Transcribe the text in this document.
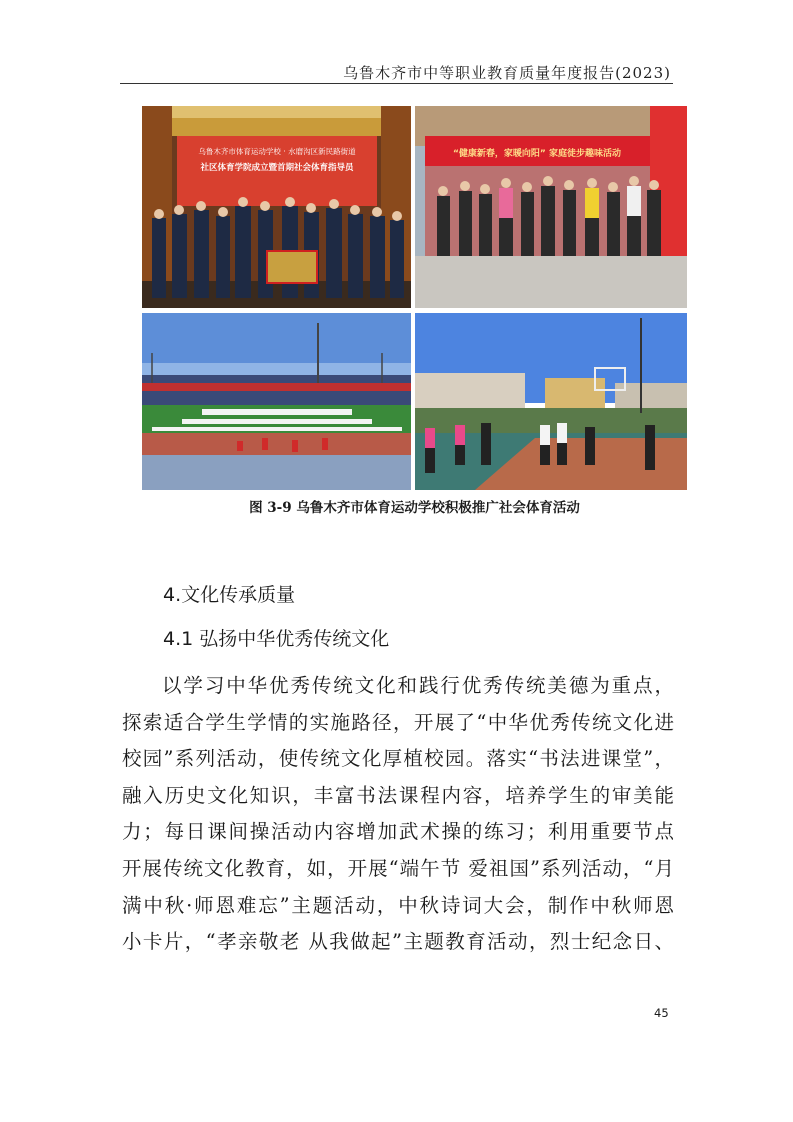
乌鲁木齐市中等职业教育质量年度报告(2023)
乌鲁木齐市体育运动学校 · 水磨沟区新民路街道
社区体育学院成立暨首期社会体育指导员
“健康新春，家暖向阳” 家庭徒步趣味活动
图 3-9 乌鲁木齐市体育运动学校积极推广社会体育活动
4.文化传承质量
4.1 弘扬中华优秀传统文化
以学习中华优秀传统文化和践行优秀传统美德为重点，
探索适合学生学情的实施路径，开展了“中华优秀传统文化进
校园”系列活动，使传统文化厚植校园。落实“书法进课堂”，
融入历史文化知识，丰富书法课程内容，培养学生的审美能
力；每日课间操活动内容增加武术操的练习；利用重要节点
开展传统文化教育，如，开展“端午节 爱祖国”系列活动，“月
满中秋·师恩难忘”主题活动，中秋诗词大会，制作中秋师恩
小卡片，“孝亲敬老 从我做起”主题教育活动，烈士纪念日、
45
